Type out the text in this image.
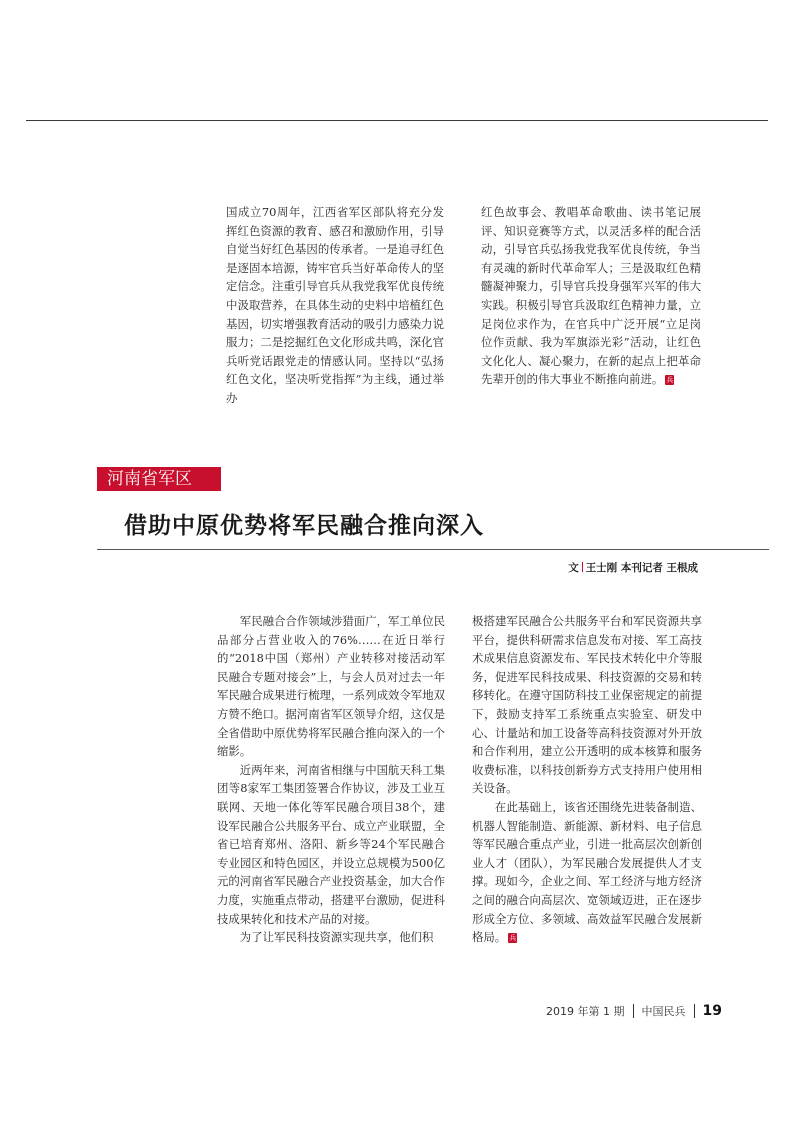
国成立70周年，江西省军区部队将充分发挥红色资源的教育、感召和激励作用，引导自觉当好红色基因的传承者。一是追寻红色是逐固本培源，铸牢官兵当好革命传人的坚定信念。注重引导官兵从我党我军优良传统中汲取营养，在具体生动的史料中培植红色基因，切实增强教育活动的吸引力感染力说服力；二是挖掘红色文化形成共鸣，深化官兵听党话跟党走的情感认同。坚持以“弘扬红色文化，坚决听党指挥”为主线，通过举办

红色故事会、教唱革命歌曲、读书笔记展评、知识竞赛等方式，以灵活多样的配合活动，引导官兵弘扬我党我军优良传统，争当有灵魂的新时代革命军人；三是汲取红色精髓凝神聚力，引导官兵投身强军兴军的伟大实践。积极引导官兵汲取红色精神力量，立足岗位求作为，在官兵中广泛开展“立足岗位作贡献、我为军旗添光彩”活动，让红色文化化人、凝心聚力，在新的起点上把革命先辈开创的伟大事业不断推向前进。 兵

河南省军区
借助中原优势将军民融合推向深入
文 王士刚 本刊记者 王根成

军民融合合作领域涉猎面广，军工单位民品部分占营业收入的76%……在近日举行的“2018中国（郑州）产业转移对接活动军民融合专题对接会”上，与会人员对过去一年军民融合成果进行梳理，一系列成效令军地双方赞不绝口。据河南省军区领导介绍，这仅是全省借助中原优势将军民融合推向深入的一个缩影。

近两年来，河南省相继与中国航天科工集团等8家军工集团签署合作协议，涉及工业互联网、天地一体化等军民融合项目38个，建设军民融合公共服务平台、成立产业联盟，全省已培育郑州、洛阳、新乡等24个军民融合专业园区和特色园区，并设立总规模为500亿元的河南省军民融合产业投资基金，加大合作力度，实施重点带动，搭建平台激励，促进科技成果转化和技术产品的对接。

为了让军民科技资源实现共享，他们积

极搭建军民融合公共服务平台和军民资源共享平台，提供科研需求信息发布对接、军工高技术成果信息资源发布、军民技术转化中介等服务，促进军民科技成果、科技资源的交易和转移转化。在遵守国防科技工业保密规定的前提下，鼓励支持军工系统重点实验室、研发中心、计量站和加工设备等高科技资源对外开放和合作利用，建立公开透明的成本核算和服务收费标准，以科技创新券方式支持用户使用相关设备。

在此基础上，该省还围绕先进装备制造、机器人智能制造、新能源、新材料、电子信息等军民融合重点产业，引进一批高层次创新创业人才（团队），为军民融合发展提供人才支撑。现如今，企业之间、军工经济与地方经济之间的融合向高层次、宽领域迈进，正在逐步形成全方位、多领域、高效益军民融合发展新格局。 兵

2019 年第 1 期 中国民兵 19
